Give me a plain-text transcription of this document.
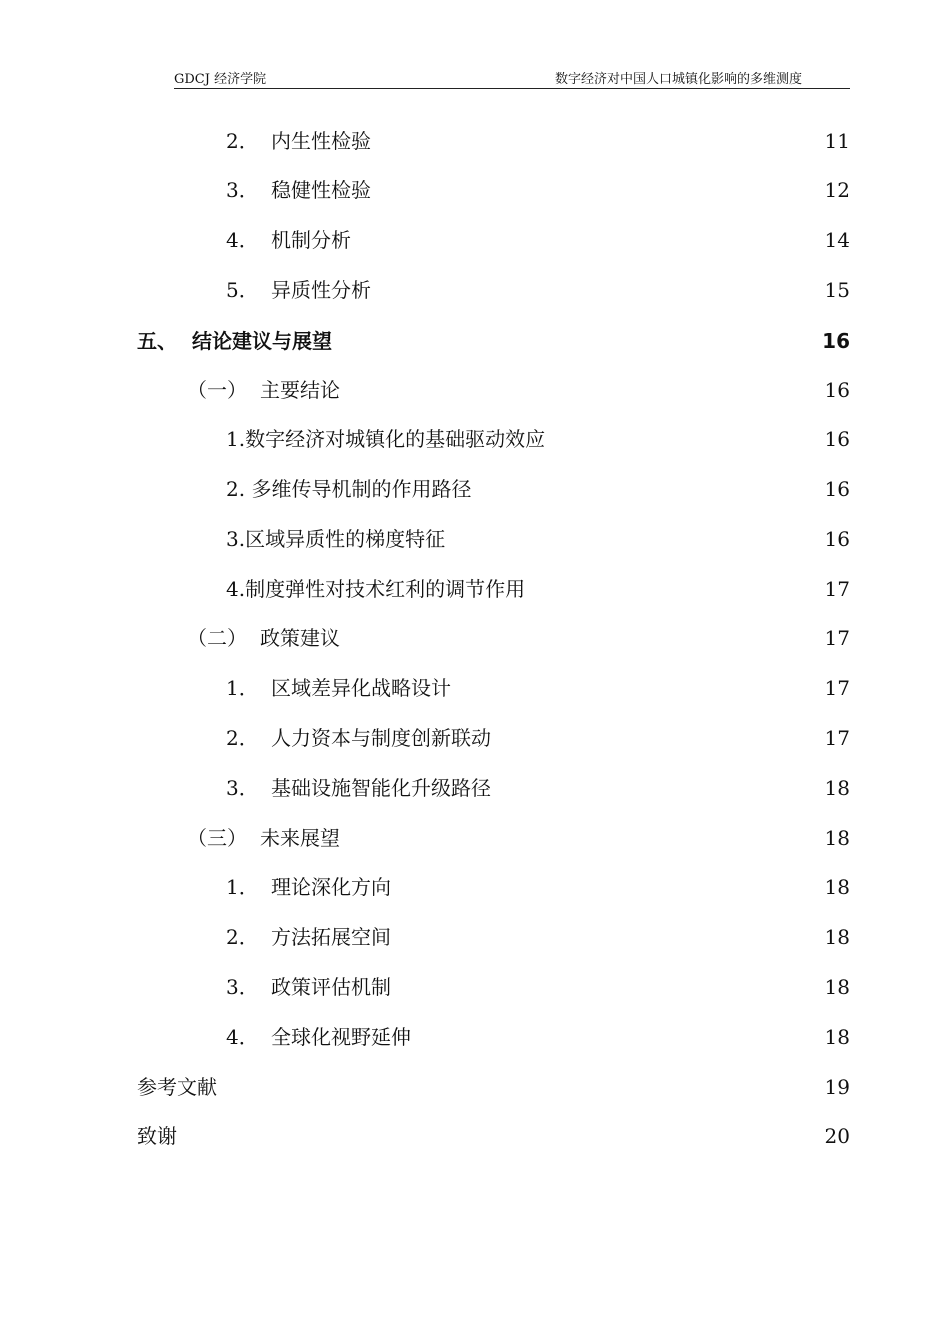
GDCJ 经济学院	数字经济对中国人口城镇化影响的多维测度
2． 内生性检验	11
3． 稳健性检验	12
4． 机制分析	14
5． 异质性分析	15
五、 结论建议与展望	16
（一） 主要结论	16
1.数字经济对城镇化的基础驱动效应	16
2. 多维传导机制的作用路径	16
3.区域异质性的梯度特征	16
4.制度弹性对技术红利的调节作用	17
（二） 政策建议	17
1． 区域差异化战略设计	17
2． 人力资本与制度创新联动	17
3． 基础设施智能化升级路径	18
（三） 未来展望	18
1． 理论深化方向	18
2． 方法拓展空间	18
3． 政策评估机制	18
4． 全球化视野延伸	18
参考文献	19
致谢	20
